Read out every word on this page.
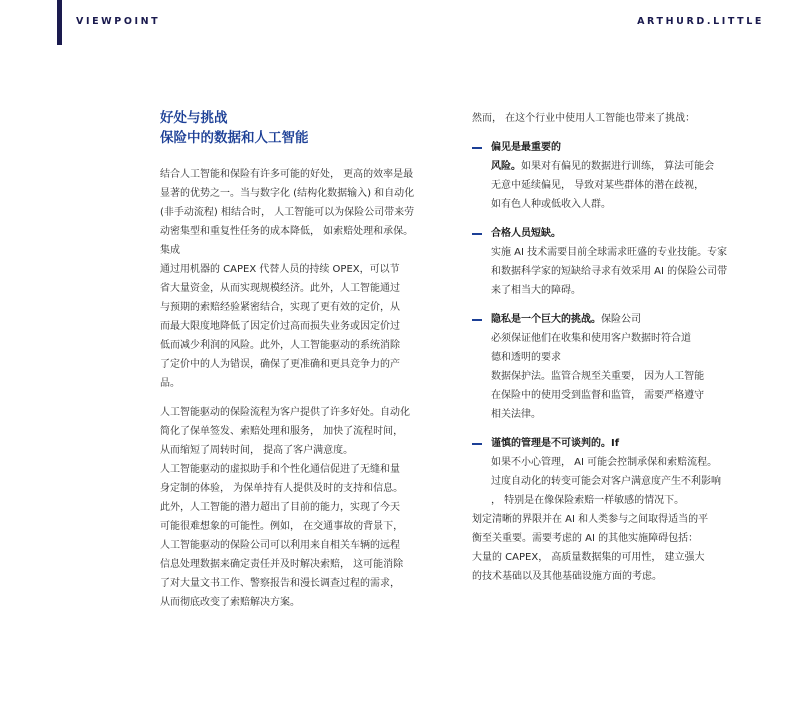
VIEWPOINT	ARTHURD.LITTLE
好处与挑战
保险中的数据和人工智能

结合人工智能和保险有许多可能的好处， 更高的效率是最
显著的优势之一。当与数字化 (结构化数据输入) 和自动化
(非手动流程) 相结合时， 人工智能可以为保险公司带来劳
动密集型和重复性任务的成本降低， 如索赔处理和承保。
集成
通过用机器的 CAPEX 代替人员的持续 OPEX，可以节
省大量资金，从而实现规模经济。此外，人工智能通过
与预期的索赔经验紧密结合，实现了更有效的定价，从
而最大限度地降低了因定价过高而损失业务或因定价过
低而减少利润的风险。此外，人工智能驱动的系统消除
了定价中的人为错误，确保了更准确和更具竞争力的产
品。

人工智能驱动的保险流程为客户提供了许多好处。自动化
简化了保单签发、索赔处理和服务， 加快了流程时间，
从而缩短了周转时间， 提高了客户满意度。
人工智能驱动的虚拟助手和个性化通信促进了无缝和量
身定制的体验， 为保单持有人提供及时的支持和信息。
此外，人工智能的潜力超出了目前的能力，实现了今天
可能很难想象的可能性。例如， 在交通事故的背景下，
人工智能驱动的保险公司可以利用来自相关车辆的远程
信息处理数据来确定责任并及时解决索赔， 这可能消除
了对大量文书工作、警察报告和漫长调查过程的需求，
从而彻底改变了索赔解决方案。

然而， 在这个行业中使用人工智能也带来了挑战：

偏见是最重要的
风险。如果对有偏见的数据进行训练， 算法可能会
无意中延续偏见， 导致对某些群体的潜在歧视，
如有色人种或低收入人群。
合格人员短缺。
实施 AI 技术需要目前全球需求旺盛的专业技能。专家
和数据科学家的短缺给寻求有效采用 AI 的保险公司带
来了相当大的障碍。
隐私是一个巨大的挑战。保险公司
必须保证他们在收集和使用客户数据时符合道
德和透明的要求
数据保护法。监管合规至关重要， 因为人工智能
在保险中的使用受到监督和监管， 需要严格遵守
相关法律。
谨慎的管理是不可谈判的。If
如果不小心管理， AI 可能会控制承保和索赔流程。
过度自动化的转变可能会对客户满意度产生不利影响
， 特别是在像保险索赔一样敏感的情况下。

划定清晰的界限并在 AI 和人类参与之间取得适当的平
衡至关重要。需要考虑的 AI 的其他实施障碍包括：
大量的 CAPEX， 高质量数据集的可用性， 建立强大
的技术基础以及其他基础设施方面的考虑。
